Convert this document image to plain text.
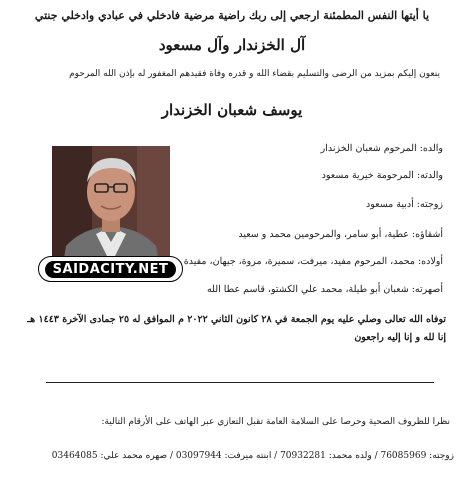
يا أيتها النفس المطمئنة ارجعي إلى ربك راضية مرضية فادخلي في عبادي وادخلي جنتي
آل الخزندار وآل مسعود
ينعون إليكم بمزيد من الرضى والتسليم بقضاء الله و قدره وفاة فقيدهم المغفور له بإذن الله المرحوم
يوسف شعبان الخزندار
SAIDACITY.NET
والده: المرحوم شعبان الخزندار
والدته: المرحومة خيرية مسعود
زوجته: أدبية مسعود
أشقاؤه: عطية، أبو سامر، والمرحومين محمد و سعيد
أولاده: محمد، المرحوم مفيد، ميرفت، سميرة، مروة، جيهان، مفيدة
أصهرته: شعبان أبو طيلة، محمد علي الكشتو، قاسم عطا الله
توفاه الله تعالى وصلي عليه يوم الجمعة في ٢٨ كانون الثاني ٢٠٢٢ م الموافق له ٢٥ جمادى الآخرة ١٤٤٣ هـ
إنا لله و إنا إليه راجعون
نظرا للظروف الصحية وحرصا على السلامة العامة تقبل التعازي عبر الهاتف على الأرقام التالية:
زوجته: 76085969 / ولده محمد: 70932281 / ابنته ميرفت: 03097944 / صهره محمد علي: 03464085
